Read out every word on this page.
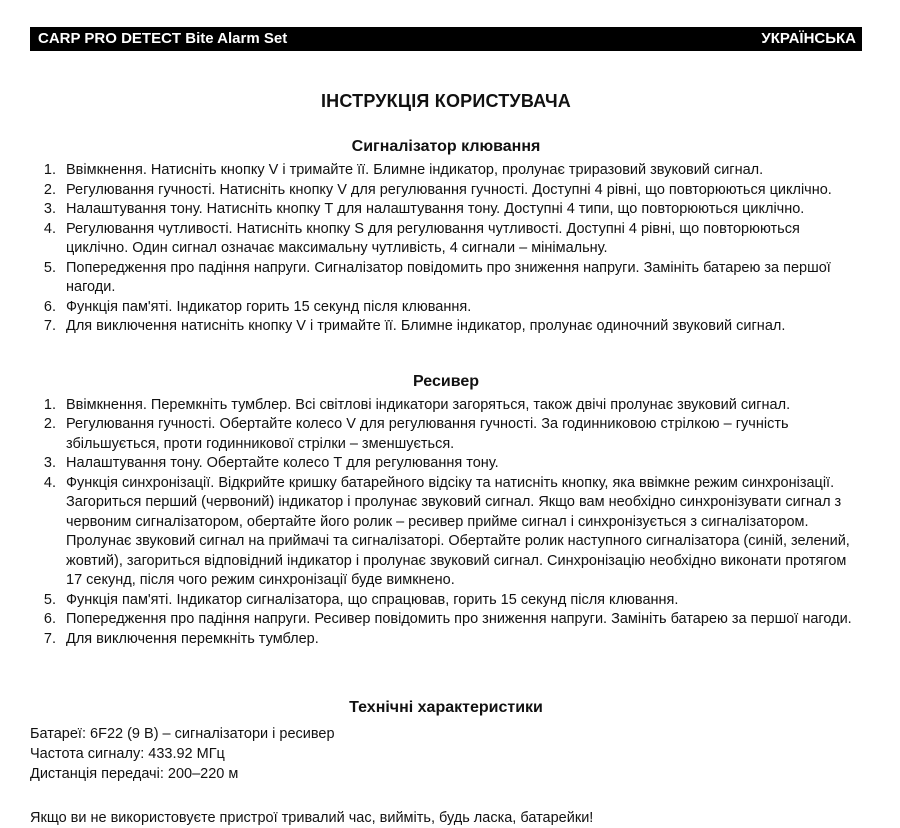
CARP PRO DETECT Bite Alarm Set	УКРАЇНСЬКА
ІНСТРУКЦІЯ КОРИСТУВАЧА
Сигналізатор клювання
1. Ввімкнення. Натисніть кнопку V і тримайте її. Блимне індикатор, пролунає триразовий звуковий сигнал.
2. Регулювання гучності. Натисніть кнопку V для регулювання гучності. Доступні 4 рівні, що повторюються циклічно.
3. Налаштування тону. Натисніть кнопку Т для налаштування тону. Доступні 4 типи, що повторюються циклічно.
4. Регулювання чутливості. Натисніть кнопку S для регулювання чутливості. Доступні 4 рівні, що повторюються циклічно. Один сигнал означає максимальну чутливість, 4 сигнали – мінімальну.
5. Попередження про падіння напруги. Сигналізатор повідомить про зниження напруги. Замініть батарею за першої нагоди.
6. Функція пам'яті. Індикатор горить 15 секунд після клювання.
7. Для виключення натисніть кнопку V і тримайте її. Блимне індикатор, пролунає одиночний звуковий сигнал.
Ресивер
1. Ввімкнення. Перемкніть тумблер. Всі світлові індикатори загоряться, також двічі пролунає звуковий сигнал.
2. Регулювання гучності. Обертайте колесо V для регулювання гучності. За годинниковою стрілкою – гучність збільшується, проти годинникової стрілки – зменшується.
3. Налаштування тону. Обертайте колесо Т для регулювання тону.
4. Функція синхронізації. Відкрийте кришку батарейного відсіку та натисніть кнопку, яка ввімкне режим синхронізації. Загориться перший (червоний) індикатор і пролунає звуковий сигнал. Якщо вам необхідно синхронізувати сигнал з червоним сигналізатором, обертайте його ролик – ресивер прийме сигнал і синхронізується з сигналізатором. Пролунає звуковий сигнал на приймачі та сигналізаторі. Обертайте ролик наступного сигналізатора (синій, зелений, жовтий), загориться відповідний індикатор і пролунає звуковий сигнал. Синхронізацію необхідно виконати протягом 17 секунд, після чого режим синхронізації буде вимкнено.
5. Функція пам'яті. Індикатор сигналізатора, що спрацював, горить 15 секунд після клювання.
6. Попередження про падіння напруги. Ресивер повідомить про зниження напруги. Замініть батарею за першої нагоди.
7. Для виключення перемкніть тумблер.
Технічні характеристики
Батареї: 6F22 (9 В) – сигналізатори і ресивер
Частота сигналу: 433.92 МГц
Дистанція передачі: 200–220 м
Якщо ви не використовуєте пристрої тривалий час, вийміть, будь ласка, батарейки!
